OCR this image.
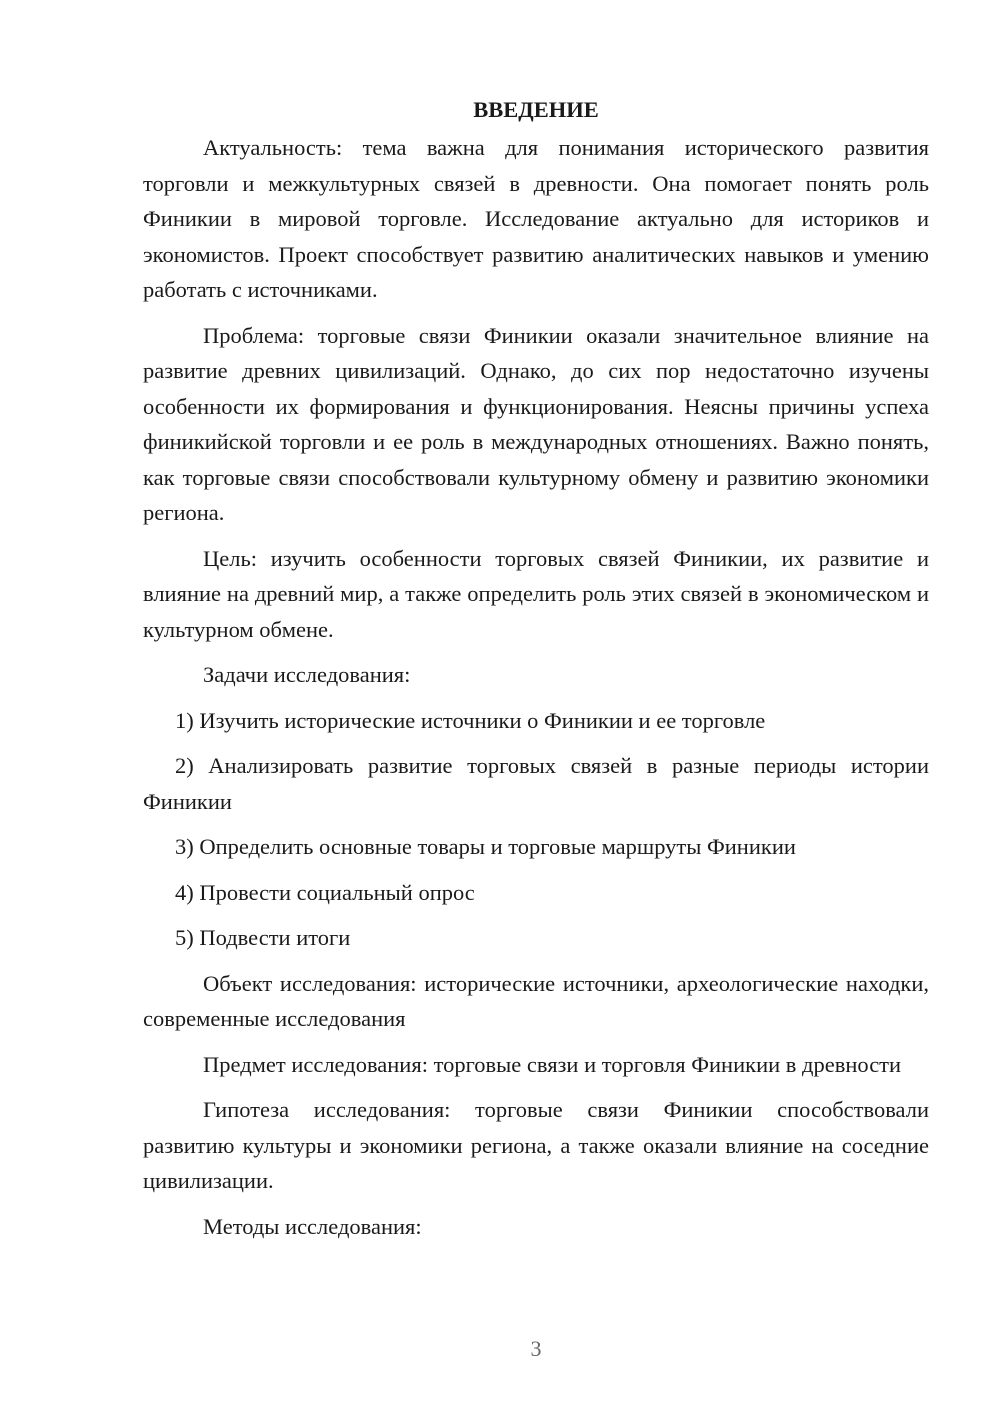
ВВЕДЕНИЕ

Актуальность: тема важна для понимания исторического развития торговли и межкультурных связей в древности. Она помогает понять роль Финикии в мировой торговле. Исследование актуально для историков и экономистов. Проект способствует развитию аналитических навыков и умению работать с источниками.

Проблема: торговые связи Финикии оказали значительное влияние на развитие древних цивилизаций. Однако, до сих пор недостаточно изучены особенности их формирования и функционирования. Неясны причины успеха финикийской торговли и ее роль в международных отношениях. Важно понять, как торговые связи способствовали культурному обмену и развитию экономики региона.

Цель: изучить особенности торговых связей Финикии, их развитие и влияние на древний мир, а также определить роль этих связей в экономическом и культурном обмене.

Задачи исследования:

1) Изучить исторические источники о Финикии и ее торговле

2) Анализировать развитие торговых связей в разные периоды истории Финикии

3) Определить основные товары и торговые маршруты Финикии

4) Провести социальный опрос

5) Подвести итоги

Объект исследования: исторические источники, археологические находки, современные исследования

Предмет исследования: торговые связи и торговля Финикии в древности

Гипотеза исследования: торговые связи Финикии способствовали развитию культуры и экономики региона, а также оказали влияние на соседние цивилизации.

Методы исследования:

3
